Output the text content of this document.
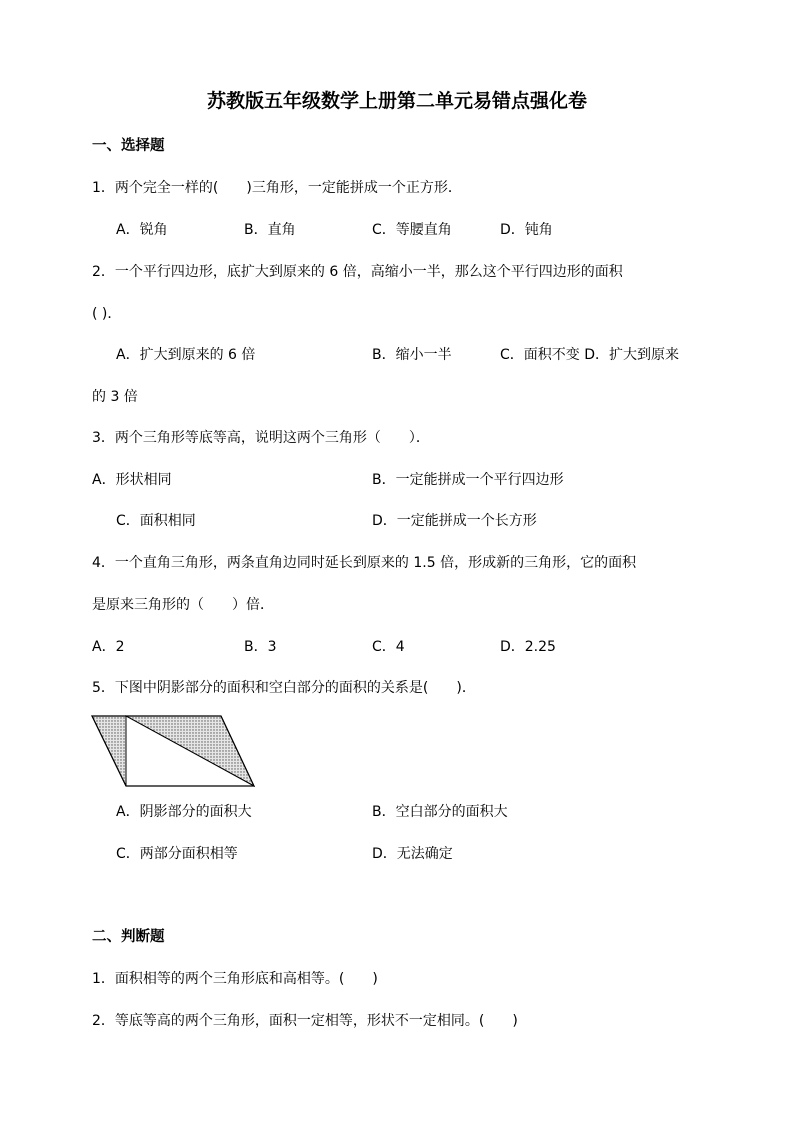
苏教版五年级数学上册第二单元易错点强化卷
一、选择题
1．两个完全一样的(　　)三角形，一定能拼成一个正方形．
A．锐角	B．直角	C．等腰直角	D．钝角
2．一个平行四边形，底扩大到原来的 6 倍，高缩小一半，那么这个平行四边形的面积
( )．
A．扩大到原来的 6 倍	B．缩小一半	C．面积不变 D．扩大到原来
的 3 倍
3．两个三角形等底等高，说明这两个三角形（　　）．
A．形状相同	B．一定能拼成一个平行四边形
C．面积相同	D．一定能拼成一个长方形
4．一个直角三角形，两条直角边同时延长到原来的 1.5 倍，形成新的三角形，它的面积
是原来三角形的（　　）倍．
A．2	B．3	C．4	D．2.25
5．下图中阴影部分的面积和空白部分的面积的关系是(　　)．
A．阴影部分的面积大	B．空白部分的面积大
C．两部分面积相等	D．无法确定
二、判断题
1．面积相等的两个三角形底和高相等。(　　)
2．等底等高的两个三角形，面积一定相等，形状不一定相同。(　　)
